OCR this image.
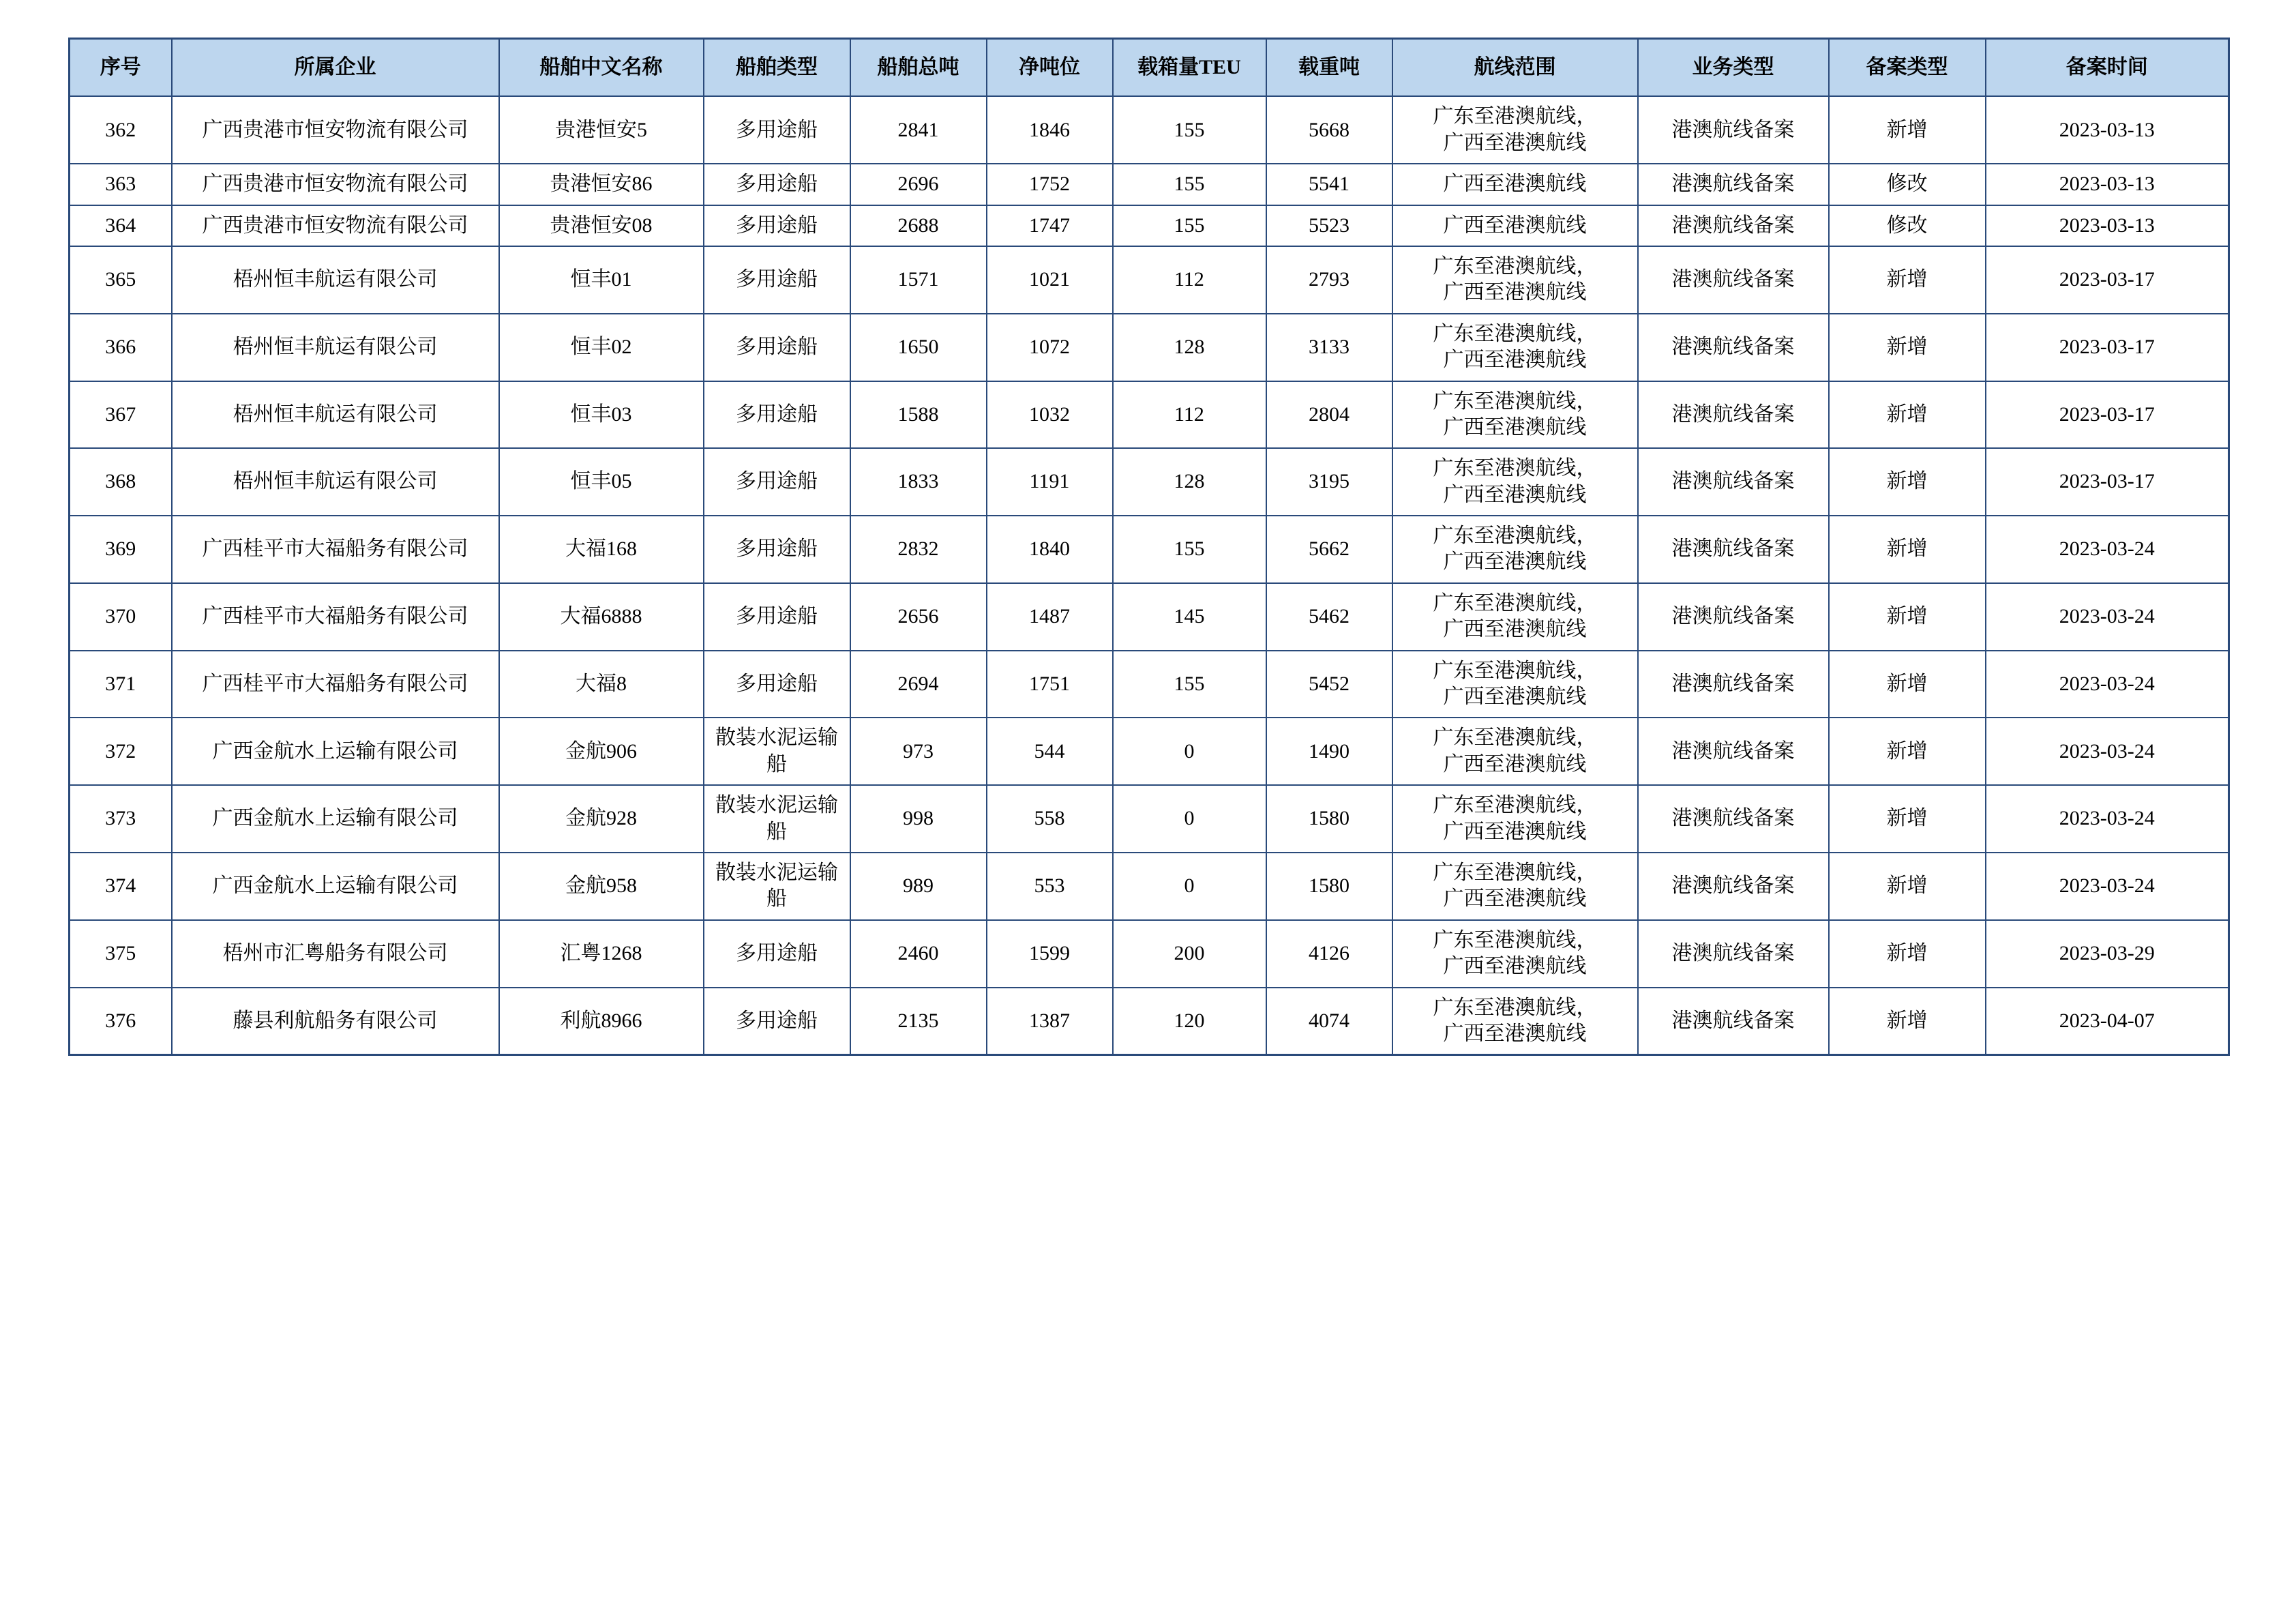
序号	所属企业	船舶中文名称	船舶类型	船舶总吨	净吨位	载箱量TEU	载重吨	航线范围	业务类型	备案类型	备案时间
362	广西贵港市恒安物流有限公司	贵港恒安5	多用途船	2841	1846	155	5668	广东至港澳航线，
广西至港澳航线	港澳航线备案	新增	2023-03-13
363	广西贵港市恒安物流有限公司	贵港恒安86	多用途船	2696	1752	155	5541	广西至港澳航线	港澳航线备案	修改	2023-03-13
364	广西贵港市恒安物流有限公司	贵港恒安08	多用途船	2688	1747	155	5523	广西至港澳航线	港澳航线备案	修改	2023-03-13
365	梧州恒丰航运有限公司	恒丰01	多用途船	1571	1021	112	2793	广东至港澳航线，
广西至港澳航线	港澳航线备案	新增	2023-03-17
366	梧州恒丰航运有限公司	恒丰02	多用途船	1650	1072	128	3133	广东至港澳航线，
广西至港澳航线	港澳航线备案	新增	2023-03-17
367	梧州恒丰航运有限公司	恒丰03	多用途船	1588	1032	112	2804	广东至港澳航线，
广西至港澳航线	港澳航线备案	新增	2023-03-17
368	梧州恒丰航运有限公司	恒丰05	多用途船	1833	1191	128	3195	广东至港澳航线，
广西至港澳航线	港澳航线备案	新增	2023-03-17
369	广西桂平市大福船务有限公司	大福168	多用途船	2832	1840	155	5662	广东至港澳航线，
广西至港澳航线	港澳航线备案	新增	2023-03-24
370	广西桂平市大福船务有限公司	大福6888	多用途船	2656	1487	145	5462	广东至港澳航线，
广西至港澳航线	港澳航线备案	新增	2023-03-24
371	广西桂平市大福船务有限公司	大福8	多用途船	2694	1751	155	5452	广东至港澳航线，
广西至港澳航线	港澳航线备案	新增	2023-03-24
372	广西金航水上运输有限公司	金航906	散装水泥运输船	973	544	0	1490	广东至港澳航线，
广西至港澳航线	港澳航线备案	新增	2023-03-24
373	广西金航水上运输有限公司	金航928	散装水泥运输船	998	558	0	1580	广东至港澳航线，
广西至港澳航线	港澳航线备案	新增	2023-03-24
374	广西金航水上运输有限公司	金航958	散装水泥运输船	989	553	0	1580	广东至港澳航线，
广西至港澳航线	港澳航线备案	新增	2023-03-24
375	梧州市汇粤船务有限公司	汇粤1268	多用途船	2460	1599	200	4126	广东至港澳航线，
广西至港澳航线	港澳航线备案	新增	2023-03-29
376	藤县利航船务有限公司	利航8966	多用途船	2135	1387	120	4074	广东至港澳航线，
广西至港澳航线	港澳航线备案	新增	2023-04-07
